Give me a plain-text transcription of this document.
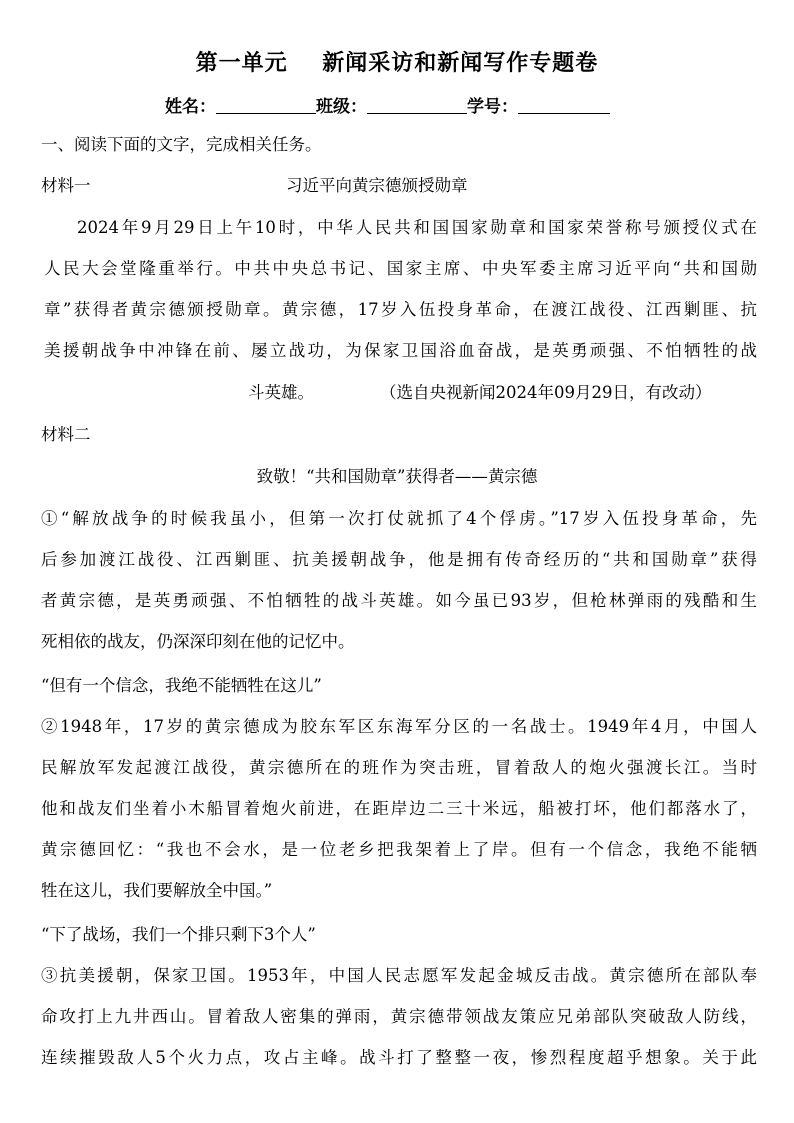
第一单元    新闻采访和新闻写作专题卷
姓名：	班级：	学号：
一、阅读下面的文字，完成相关任务。
材料一	习近平向黄宗德颁授勋章
2024年9月29日上午10时，中华人民共和国国家勋章和国家荣誉称号颁授仪式在
人民大会堂隆重举行。中共中央总书记、国家主席、中央军委主席习近平向“共和国勋
章”获得者黄宗德颁授勋章。黄宗德，17岁入伍投身革命，在渡江战役、江西剿匪、抗
美援朝战争中冲锋在前、屡立战功，为保家卫国浴血奋战，是英勇顽强、不怕牺牲的战
斗英雄。	（选自央视新闻2024年09月29日，有改动）
材料二
致敬！“共和国勋章”获得者——黄宗德
①“解放战争的时候我虽小，但第一次打仗就抓了4个俘虏。”17岁入伍投身革命，先
后参加渡江战役、江西剿匪、抗美援朝战争，他是拥有传奇经历的“共和国勋章”获得
者黄宗德，是英勇顽强、不怕牺牲的战斗英雄。如今虽已93岁，但枪林弹雨的残酷和生
死相依的战友，仍深深印刻在他的记忆中。
“但有一个信念，我绝不能牺牲在这儿”
②1948年，17岁的黄宗德成为胶东军区东海军分区的一名战士。1949年4月，中国人
民解放军发起渡江战役，黄宗德所在的班作为突击班，冒着敌人的炮火强渡长江。当时
他和战友们坐着小木船冒着炮火前进，在距岸边二三十米远，船被打坏，他们都落水了，
黄宗德回忆：“我也不会水，是一位老乡把我架着上了岸。但有一个信念，我绝不能牺
牲在这儿，我们要解放全中国。”
“下了战场，我们一个排只剩下3个人”
③抗美援朝，保家卫国。1953年，中国人民志愿军发起金城反击战。黄宗德所在部队奉
命攻打上九井西山。冒着敌人密集的弹雨，黄宗德带领战友策应兄弟部队突破敌人防线，
连续摧毁敌人5个火力点，攻占主峰。战斗打了整整一夜，惨烈程度超乎想象。关于此
